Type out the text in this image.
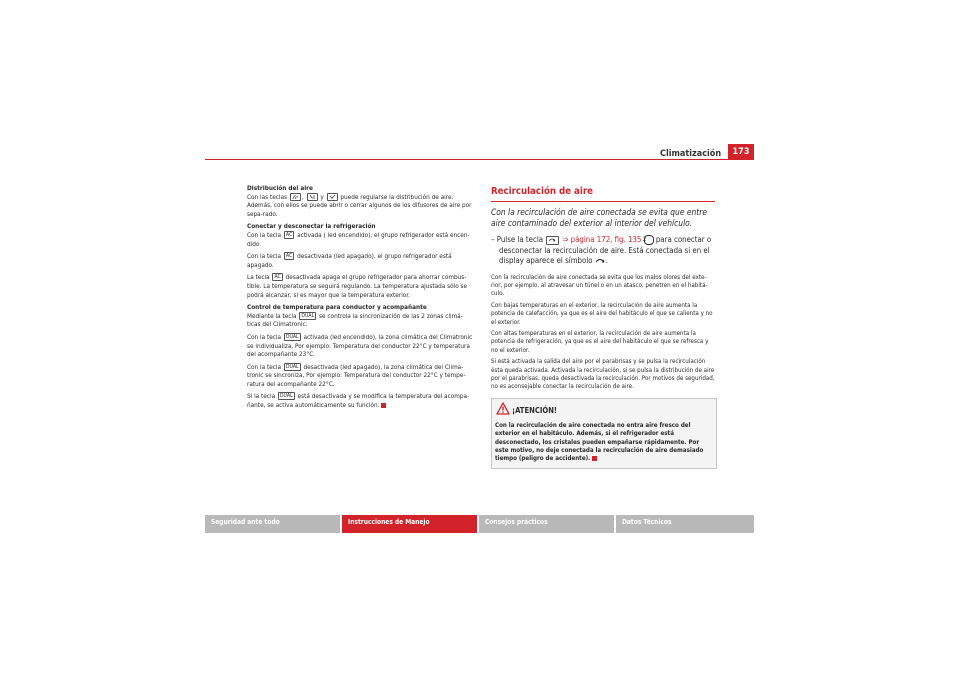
Climatización	173

Distribución del aire

Con las teclas ,	y	puede regularse la distribución de aire. Además, con ellos se puede abrir o cerrar algunos de los difusores de aire por sepa-rado.

Conectar y desconectar la refrigeración

Con la tecla AC activada ( led encendido), el grupo refrigerador está encen-dido.

Con la tecla AC desactivada (led apagado), el grupo refrigerador está apagado.

La tecla AC desactivada apaga el grupo refrigerador para ahorrar combus-tible. La temperatura se seguirá regulando. La temperatura ajustada sólo se podrá alcanzar, si es mayor que la temperatura exterior.

Control de temperatura para conductor y acompañante

Mediante la tecla DUAL se controla la sincronización de las 2 zonas climá-ticas del Climatronic.

Con la tecla DUAL activada (led encendido), la zona climática del Climatronic se individualiza, Por ejemplo: Temperatura del conductor 22°C y temperatura del acompañante 23°C.

Con la tecla DUAL desactivada (led apagado), la zona climática del Clima-tronic se sincroniza, Por ejemplo: Temperatura del conductor 22°C y tempe-ratura del acompañante 22°C.

Si la tecla DUAL está desactivada y se modifica la temperatura del acompa-ñante, se activa automáticamente su función.

Recirculación de aire

Con la recirculación de aire conectada se evita que entre aire contaminado del exterior al interior del vehículo.

– Pulse la tecla ⇒ página 172, fig. 135 2 para conectar o desconectar la recirculación de aire. Está conectada si en el display aparece el símbolo .

Con la recirculación de aire conectada se evita que los malos olores del exte-rior, por ejemplo, al atravesar un túnel o en un atasco, penetren en el habitá-culo.

Con bajas temperaturas en el exterior, la recirculación de aire aumenta la potencia de calefacción, ya que es el aire del habitáculo el que se calienta y no el exterior.

Con altas temperaturas en el exterior, la recirculación de aire aumenta la potencia de refrigeración, ya que es el aire del habitáculo el que se refresca y no el exterior.

Si está activada la salida del aire por el parabrisas y se pulsa la recirculación ésta queda activada. Activada la recirculación, si se pulsa la distribución de aire por el parabrisas, queda desactivada la recirculación. Por motivos de seguridad, no es aconsejable conectar la recirculación de aire.

¡ATENCIÓN!
Con la recirculación de aire conectada no entra aire fresco del exterior en el habitáculo. Además, si el refrigerador está desconectado, los cristales pueden empañarse rápidamente. Por este motivo, no deje conectada la recirculación de aire demasiado tiempo (peligro de accidente).
Seguridad ante todo	Instrucciones de Manejo	Consejos prácticos	Datos Técnicos
